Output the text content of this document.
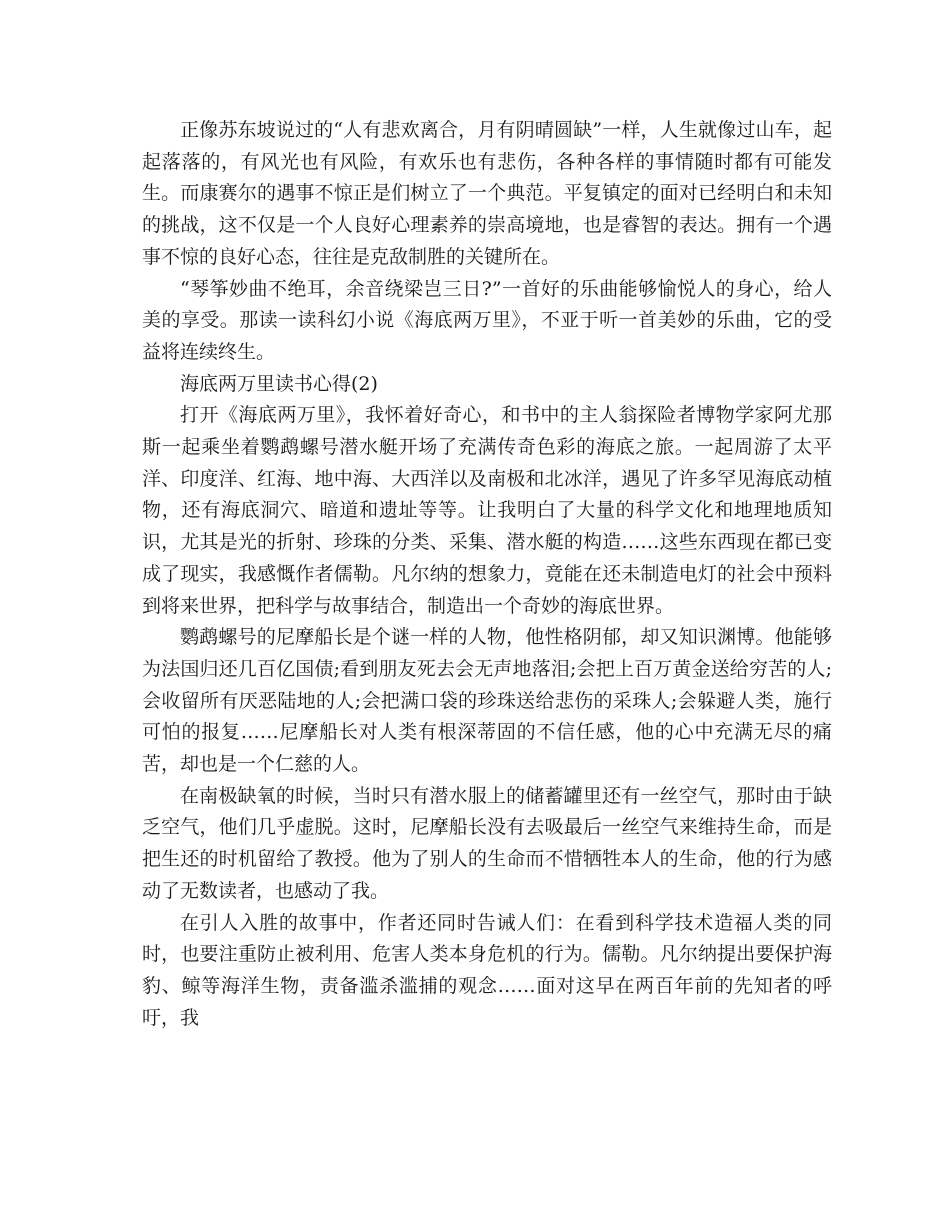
正像苏东坡说过的“人有悲欢离合，月有阴晴圆缺”一样，人生就像过山车，起起落落的，有风光也有风险，有欢乐也有悲伤，各种各样的事情随时都有可能发生。而康赛尔的遇事不惊正是们树立了一个典范。平复镇定的面对已经明白和未知的挑战，这不仅是一个人良好心理素养的崇高境地，也是睿智的表达。拥有一个遇事不惊的良好心态，往往是克敌制胜的关键所在。

“琴筝妙曲不绝耳，余音绕梁岂三日?”一首好的乐曲能够愉悦人的身心，给人美的享受。那读一读科幻小说《海底两万里》，不亚于听一首美妙的乐曲，它的受益将连续终生。

海底两万里读书心得(2)

打开《海底两万里》，我怀着好奇心，和书中的主人翁探险者博物学家阿尤那斯一起乘坐着鹦鹉螺号潜水艇开场了充满传奇色彩的海底之旅。一起周游了太平洋、印度洋、红海、地中海、大西洋以及南极和北冰洋，遇见了许多罕见海底动植物，还有海底洞穴、暗道和遗址等等。让我明白了大量的科学文化和地理地质知识，尤其是光的折射、珍珠的分类、采集、潜水艇的构造……这些东西现在都已变成了现实，我感慨作者儒勒。凡尔纳的想象力，竟能在还未制造电灯的社会中预料到将来世界，把科学与故事结合，制造出一个奇妙的海底世界。

鹦鹉螺号的尼摩船长是个谜一样的人物，他性格阴郁，却又知识渊博。他能够为法国归还几百亿国债;看到朋友死去会无声地落泪;会把上百万黄金送给穷苦的人;会收留所有厌恶陆地的人;会把满口袋的珍珠送给悲伤的采珠人;会躲避人类，施行可怕的报复……尼摩船长对人类有根深蒂固的不信任感，他的心中充满无尽的痛苦，却也是一个仁慈的人。

在南极缺氧的时候，当时只有潜水服上的储蓄罐里还有一丝空气，那时由于缺乏空气，他们几乎虚脱。这时，尼摩船长没有去吸最后一丝空气来维持生命，而是把生还的时机留给了教授。他为了别人的生命而不惜牺牲本人的生命，他的行为感动了无数读者，也感动了我。

在引人入胜的故事中，作者还同时告诫人们：在看到科学技术造福人类的同时，也要注重防止被利用、危害人类本身危机的行为。儒勒。凡尔纳提出要保护海豹、鲸等海洋生物，责备滥杀滥捕的观念……面对这早在两百年前的先知者的呼吁，我
